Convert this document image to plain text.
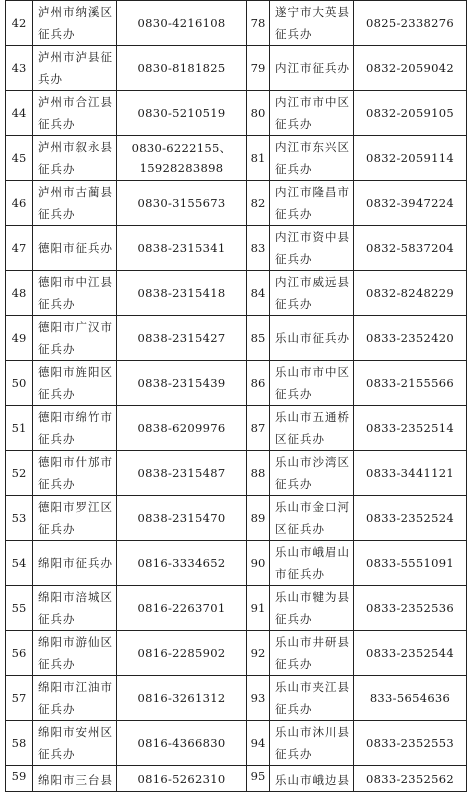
42	泸州市纳溪区征兵办	0830-4216108	78	遂宁市大英县征兵办	0825-2338276
43	泸州市泸县征兵办	0830-8181825	79	内江市征兵办	0832-2059042
44	泸州市合江县征兵办	0830-5210519	80	内江市市中区征兵办	0832-2059105
45	泸州市叙永县征兵办	0830-6222155、15928283898	81	内江市东兴区征兵办	0832-2059114
46	泸州市古蔺县征兵办	0830-3155673	82	内江市隆昌市征兵办	0832-3947224
47	德阳市征兵办	0838-2315341	83	内江市资中县征兵办	0832-5837204
48	德阳市中江县征兵办	0838-2315418	84	内江市威远县征兵办	0832-8248229
49	德阳市广汉市征兵办	0838-2315427	85	乐山市征兵办	0833-2352420
50	德阳市旌阳区征兵办	0838-2315439	86	乐山市市中区征兵办	0833-2155566
51	德阳市绵竹市征兵办	0838-6209976	87	乐山市五通桥区征兵办	0833-2352514
52	德阳市什邡市征兵办	0838-2315487	88	乐山市沙湾区征兵办	0833-3441121
53	德阳市罗江区征兵办	0838-2315470	89	乐山市金口河区征兵办	0833-2352524
54	绵阳市征兵办	0816-3334652	90	乐山市峨眉山市征兵办	0833-5551091
55	绵阳市涪城区征兵办	0816-2263701	91	乐山市犍为县征兵办	0833-2352536
56	绵阳市游仙区征兵办	0816-2285902	92	乐山市井研县征兵办	0833-2352544
57	绵阳市江油市征兵办	0816-3261312	93	乐山市夹江县征兵办	833-5654636
58	绵阳市安州区征兵办	0816-4366830	94	乐山市沐川县征兵办	0833-2352553

59	绵阳市三台县	0816-5262310	95	乐山市峨边县	0833-2352562
